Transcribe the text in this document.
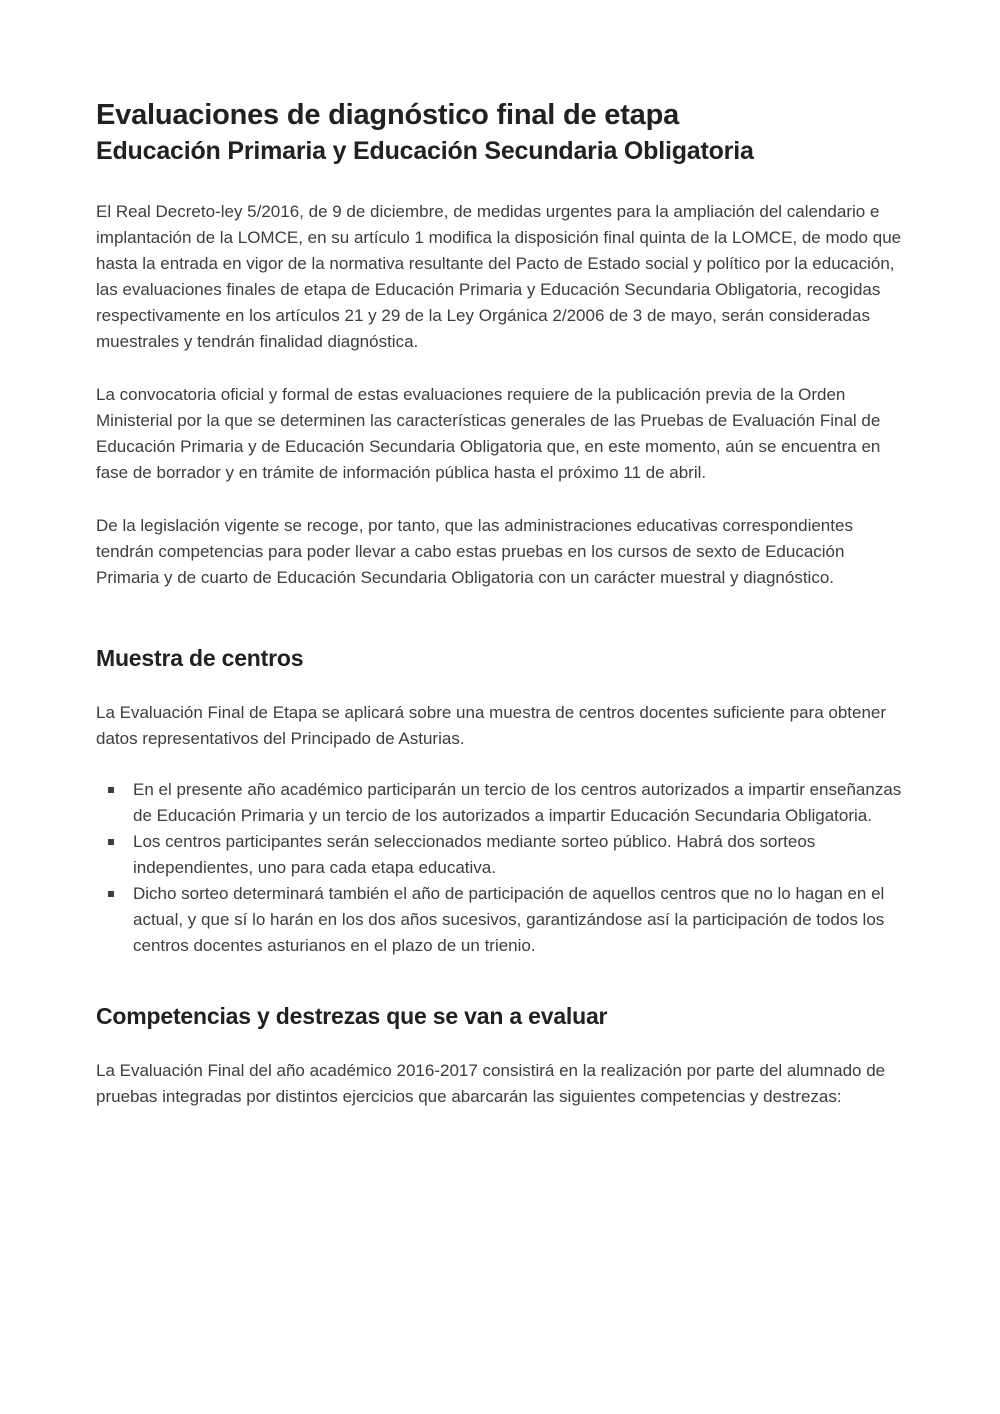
Evaluaciones de diagnóstico final de etapa
Educación Primaria y Educación Secundaria Obligatoria

El Real Decreto-ley 5/2016, de 9 de diciembre, de medidas urgentes para la ampliación del calendario e implantación de la LOMCE, en su artículo 1 modifica la disposición final quinta de la LOMCE, de modo que hasta la entrada en vigor de la normativa resultante del Pacto de Estado social y político por la educación, las evaluaciones finales de etapa de Educación Primaria y Educación Secundaria Obligatoria, recogidas respectivamente en los artículos 21 y 29 de la Ley Orgánica 2/2006 de 3 de mayo, serán consideradas muestrales y tendrán finalidad diagnóstica.

La convocatoria oficial y formal de estas evaluaciones requiere de la publicación previa de la Orden Ministerial por la que se determinen las características generales de las Pruebas de Evaluación Final de Educación Primaria y de Educación Secundaria Obligatoria que, en este momento, aún se encuentra en fase de borrador y en trámite de información pública hasta el próximo 11 de abril.

De la legislación vigente se recoge, por tanto, que las administraciones educativas correspondientes tendrán competencias para poder llevar a cabo estas pruebas en los cursos de sexto de Educación Primaria y de cuarto de Educación Secundaria Obligatoria con un carácter muestral y diagnóstico.

Muestra de centros

La Evaluación Final de Etapa se aplicará sobre una muestra de centros docentes suficiente para obtener datos representativos del Principado de Asturias.

En el presente año académico participarán un tercio de los centros autorizados a impartir enseñanzas de Educación Primaria y un tercio de los autorizados a impartir Educación Secundaria Obligatoria.
Los centros participantes serán seleccionados mediante sorteo público. Habrá dos sorteos independientes, uno para cada etapa educativa.
Dicho sorteo determinará también el año de participación de aquellos centros que no lo hagan en el actual, y que sí lo harán en los dos años sucesivos, garantizándose así la participación de todos los centros docentes asturianos en el plazo de un trienio.
Competencias y destrezas que se van a evaluar

La Evaluación Final del año académico 2016-2017 consistirá en la realización por parte del alumnado de pruebas integradas por distintos ejercicios que abarcarán las siguientes competencias y destrezas:
